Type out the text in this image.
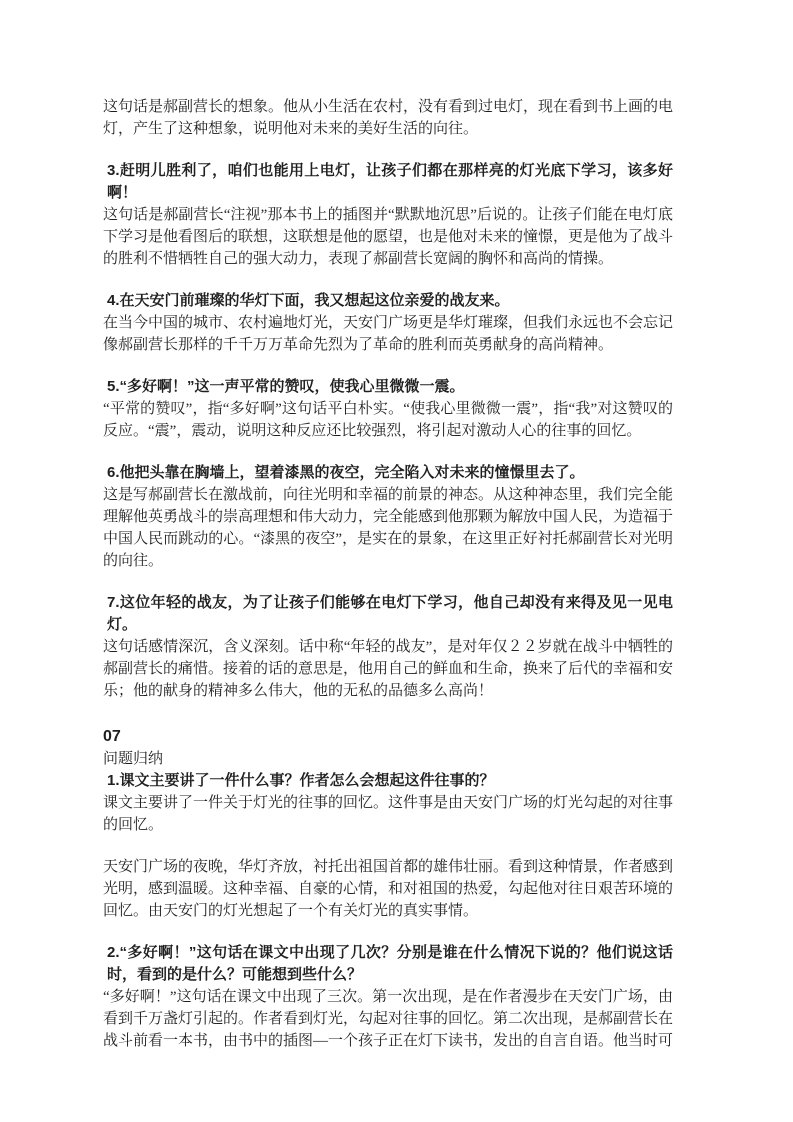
这句话是郝副营长的想象。他从小生活在农村，没有看到过电灯，现在看到书上画的电灯，产生了这种想象，说明他对未来的美好生活的向往。

3.赶明儿胜利了，咱们也能用上电灯，让孩子们都在那样亮的灯光底下学习，该多好啊！

这句话是郝副营长“注视”那本书上的插图并“默默地沉思”后说的。让孩子们能在电灯底下学习是他看图后的联想，这联想是他的愿望，也是他对未来的憧憬，更是他为了战斗的胜利不惜牺牲自己的强大动力，表现了郝副营长宽阔的胸怀和高尚的情操。

4.在天安门前璀璨的华灯下面，我又想起这位亲爱的战友来。

在当今中国的城市、农村遍地灯光，天安门广场更是华灯璀璨，但我们永远也不会忘记像郝副营长那样的千千万万革命先烈为了革命的胜利而英勇献身的高尚精神。

5.“多好啊！”这一声平常的赞叹，使我心里微微一震。

“平常的赞叹”，指“多好啊”这句话平白朴实。“使我心里微微一震”，指“我”对这赞叹的反应。“震”，震动，说明这种反应还比较强烈，将引起对激动人心的往事的回忆。

6.他把头靠在胸墙上，望着漆黑的夜空，完全陷入对未来的憧憬里去了。

这是写郝副营长在激战前，向往光明和幸福的前景的神态。从这种神态里，我们完全能理解他英勇战斗的崇高理想和伟大动力，完全能感到他那颗为解放中国人民，为造福于中国人民而跳动的心。“漆黑的夜空”，是实在的景象，在这里正好衬托郝副营长对光明的向往。

7.这位年轻的战友，为了让孩子们能够在电灯下学习，他自己却没有来得及见一见电灯。

这句话感情深沉，含义深刻。话中称“年轻的战友”，是对年仅２２岁就在战斗中牺牲的郝副营长的痛惜。接着的话的意思是，他用自己的鲜血和生命，换来了后代的幸福和安乐；他的献身的精神多么伟大，他的无私的品德多么高尚！

07

问题归纳

1.课文主要讲了一件什么事？作者怎么会想起这件往事的？

课文主要讲了一件关于灯光的往事的回忆。这件事是由天安门广场的灯光勾起的对往事的回忆。

天安门广场的夜晚，华灯齐放，衬托出祖国首都的雄伟壮丽。看到这种情景，作者感到光明，感到温暖。这种幸福、自豪的心情，和对祖国的热爱，勾起他对往日艰苦环境的回忆。由天安门的灯光想起了一个有关灯光的真实事情。

2.“多好啊！”这句话在课文中出现了几次？分别是谁在什么情况下说的？他们说这话时，看到的是什么？可能想到些什么？

“多好啊！”这句话在课文中出现了三次。第一次出现，是在作者漫步在天安门广场，由看到千万盏灯引起的。作者看到灯光，勾起对往事的回忆。第二次出现，是郝副营长在战斗前看一本书，由书中的插图—一个孩子正在灯下读书，发出的自言自语。他当时可
